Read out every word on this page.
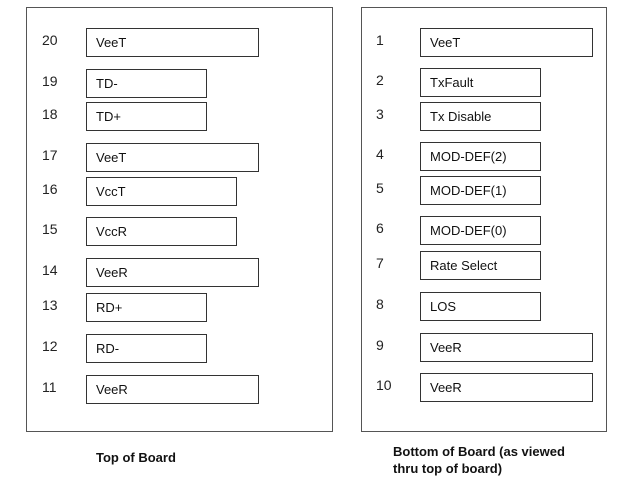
20	VeeT
19	TD-
18	TD+
17	VeeT
16	VccT
15	VccR
14	VeeR
13	RD+
12	RD-
11	VeeR
1	VeeT
2	TxFault
3	Tx Disable
4	MOD-DEF(2)
5	MOD-DEF(1)
6	MOD-DEF(0)
7	Rate Select
8	LOS
9	VeeR
10	VeeR
Top of Board	Bottom of Board (as viewed thru top of board)
